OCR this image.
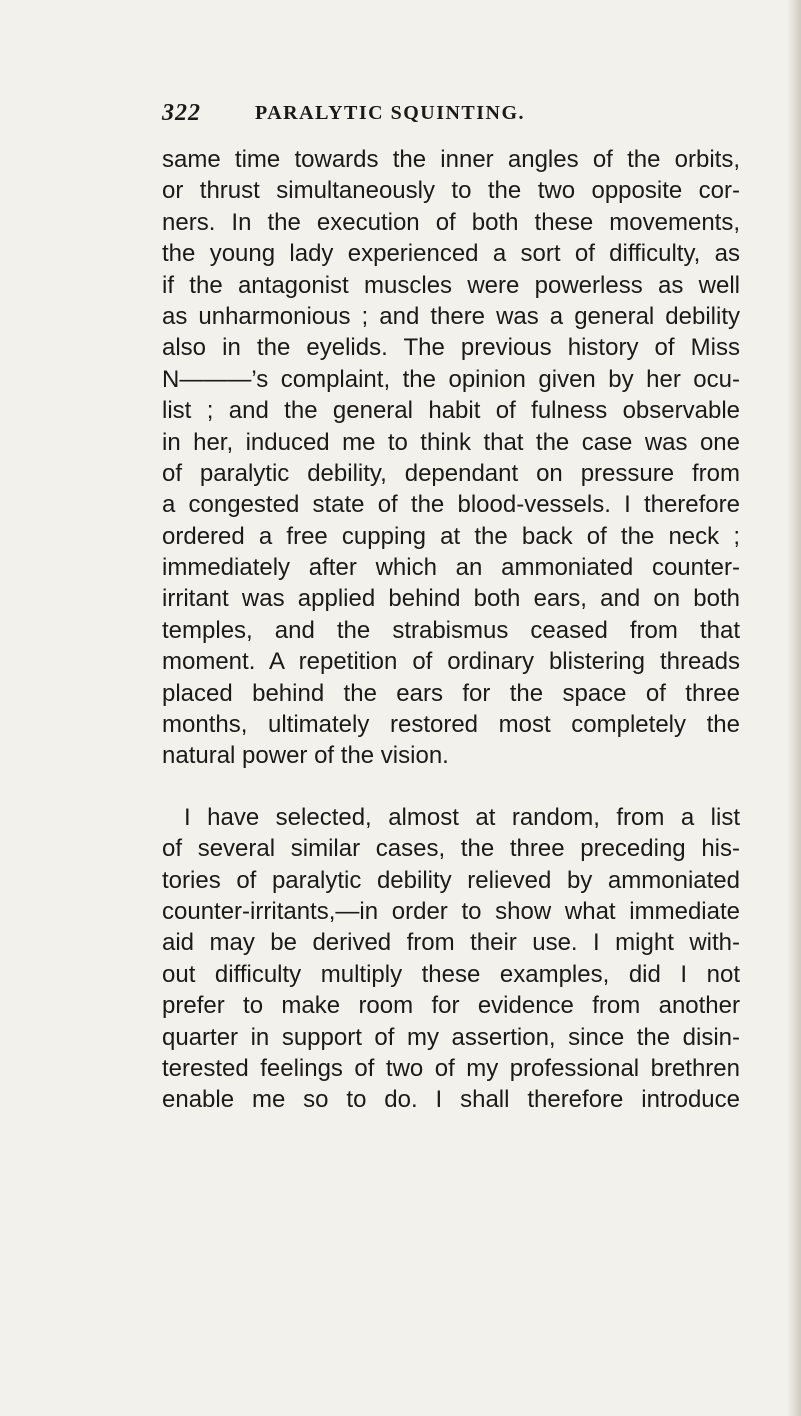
322	PARALYTIC SQUINTING.
same time towards the inner angles of the orbits,
or thrust simultaneously to the two opposite cor-
ners. In the execution of both these movements,
the young lady experienced a sort of difficulty, as
if the antagonist muscles were powerless as well
as unharmonious ; and there was a general debility
also in the eyelids. The previous history of Miss
N———’s complaint, the opinion given by her ocu-
list ; and the general habit of fulness observable
in her, induced me to think that the case was one
of paralytic debility, dependant on pressure from
a congested state of the blood-vessels. I therefore
ordered a free cupping at the back of the neck ;
immediately after which an ammoniated counter-
irritant was applied behind both ears, and on both
temples, and the strabismus ceased from that
moment. A repetition of ordinary blistering threads
placed behind the ears for the space of three
months, ultimately restored most completely the
natural power of the vision.
I have selected, almost at random, from a list
of several similar cases, the three preceding his-
tories of paralytic debility relieved by ammoniated
counter-irritants,—in order to show what immediate
aid may be derived from their use. I might with-
out difficulty multiply these examples, did I not
prefer to make room for evidence from another
quarter in support of my assertion, since the disin-
terested feelings of two of my professional brethren
enable me so to do. I shall therefore introduce
